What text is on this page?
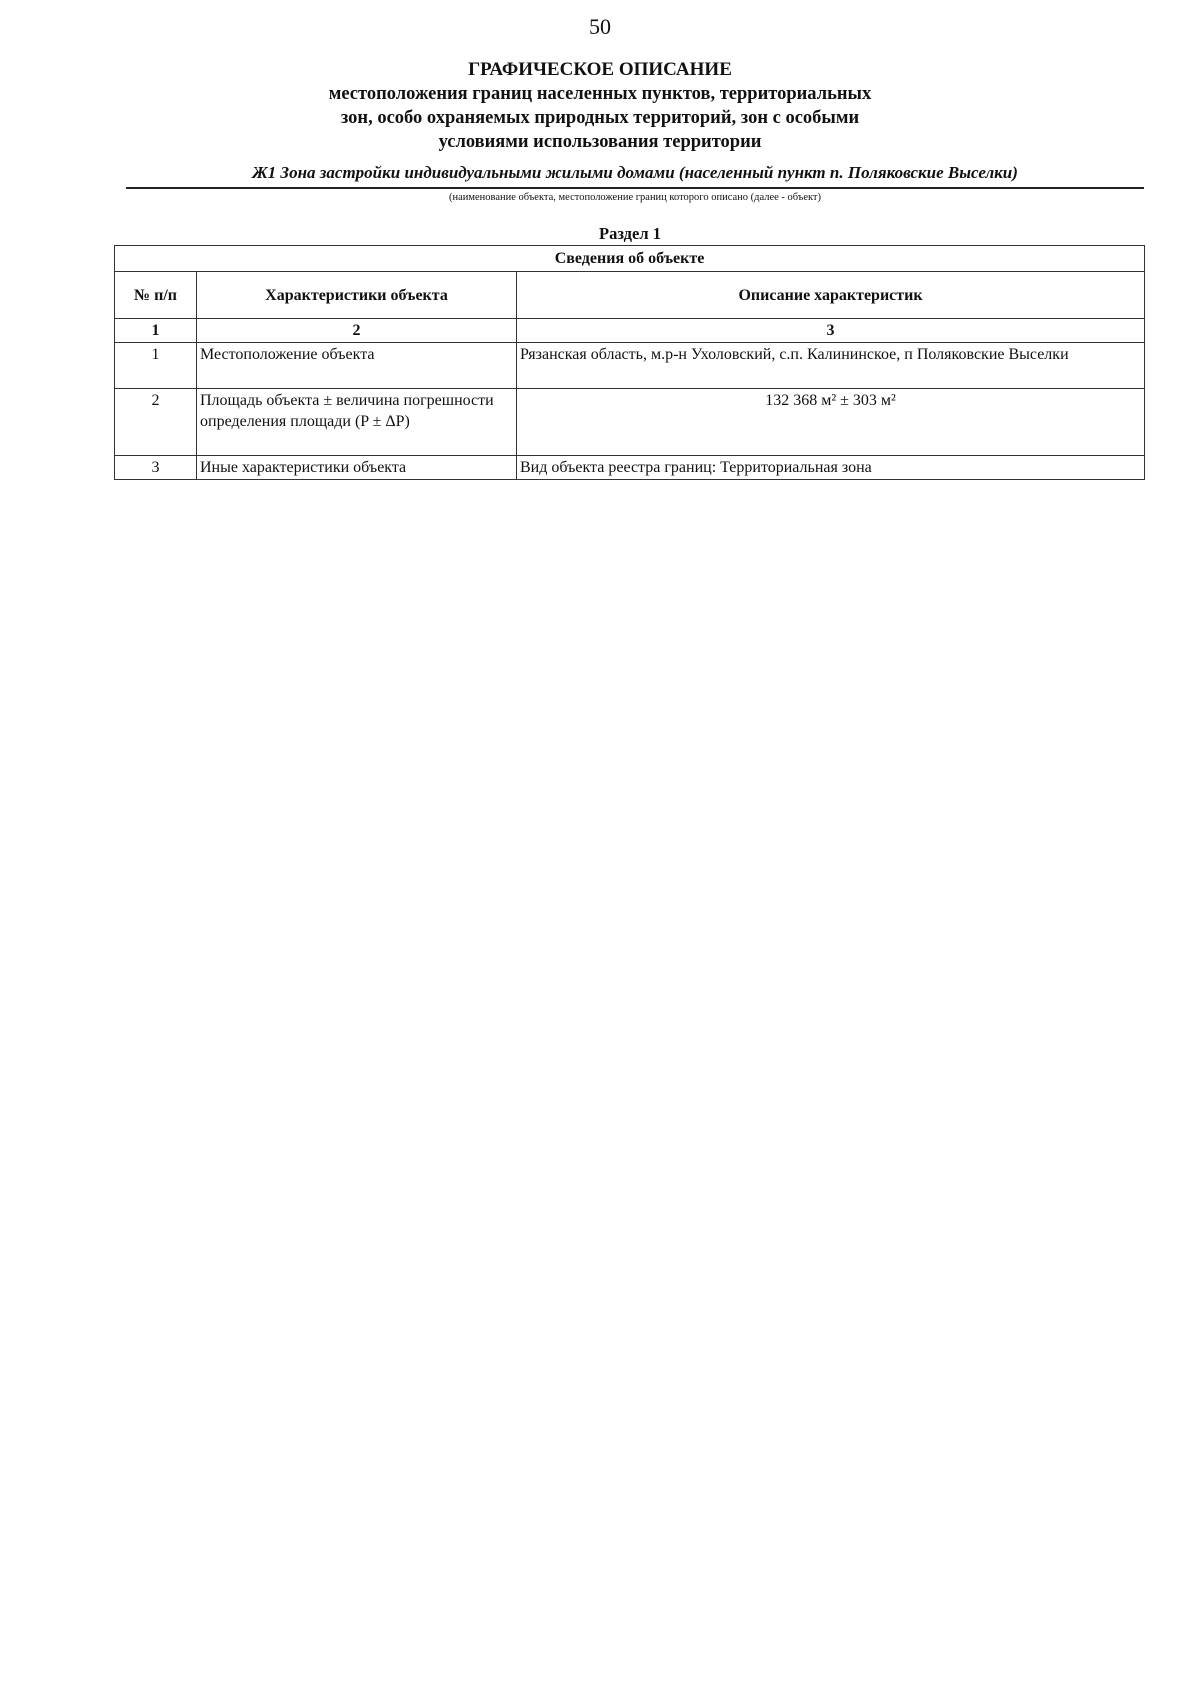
50
ГРАФИЧЕСКОЕ ОПИСАНИЕ
местоположения границ населенных пунктов, территориальных
зон, особо охраняемых природных территорий, зон с особыми
условиями использования территории
Ж1 Зона застройки индивидуальными жилыми домами (населенный пункт п. Поляковские Выселки)
(наименование объекта, местоположение границ которого описано (далее - объект)
Раздел 1
Сведения об объекте		
№ п/п	Характеристики объекта	Описание характеристик
1	2	3
1	Местоположение объекта	Рязанская область, м.р-н Ухоловский, с.п. Калининское, п Поляковские Выселки
2	Площадь объекта ± величина погрешности определения площади (P ± ΔP)	132 368 м² ± 303 м²
3	Иные характеристики объекта	Вид объекта реестра границ: Территориальная зона
